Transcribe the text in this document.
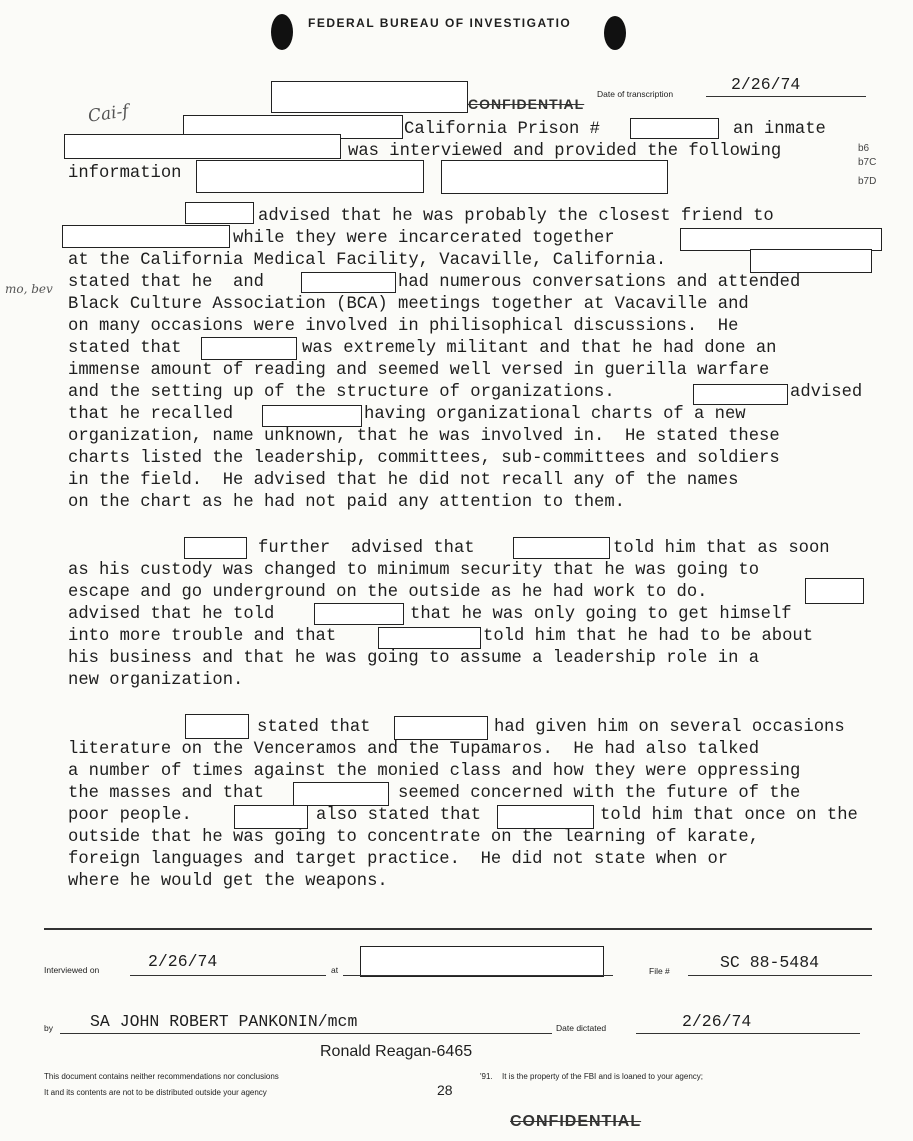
FEDERAL BUREAU OF INVESTIGATIO
Date of transcription	2/26/74
CONFIDENTIAL
Cai-f
mo, bev
b6
b7C
b7D
California Prison #	an inmate
was interviewed and provided the following
information
advised that he was probably the closest friend to
while they were incarcerated together
at the California Medical Facility, Vacaville, California.
stated that he  and	had numerous conversations and attended
Black Culture Association (BCA) meetings together at Vacaville and
on many occasions were involved in philisophical discussions.  He
stated that	was extremely militant and that he had done an
immense amount of reading and seemed well versed in guerilla warfare
and the setting up of the structure of organizations.	advised
that he recalled	having organizational charts of a new
organization, name unknown, that he was involved in.  He stated these
charts listed the leadership, committees, sub-committees and soldiers
in the field.  He advised that he did not recall any of the names
on the chart as he had not paid any attention to them.
further  advised that	told him that as soon
as his custody was changed to minimum security that he was going to
escape and go underground on the outside as he had work to do.
advised that he told	that he was only going to get himself
into more trouble and that	told him that he had to be about
his business and that he was going to assume a leadership role in a
new organization.
stated that	had given him on several occasions
literature on the Venceramos and the Tupamaros.  He had also talked
a number of times against the monied class and how they were oppressing
the masses and that	seemed concerned with the future of the
poor people.	also stated that	told him that once on the
outside that he was going to concentrate on the learning of karate,
foreign languages and target practice.  He did not state when or
where he would get the weapons.
Interviewed on	2/26/74	at	File #	SC 88-5484
by SA JOHN ROBERT PANKONIN/mcm	Date dictated	2/26/74
Ronald Reagan-6465
This document contains neither recommendations nor conclusions
It and its contents are not to be distributed outside your agency
'91. It is the property of the FBI and is loaned to your agency;
28
CONFIDENTIAL
